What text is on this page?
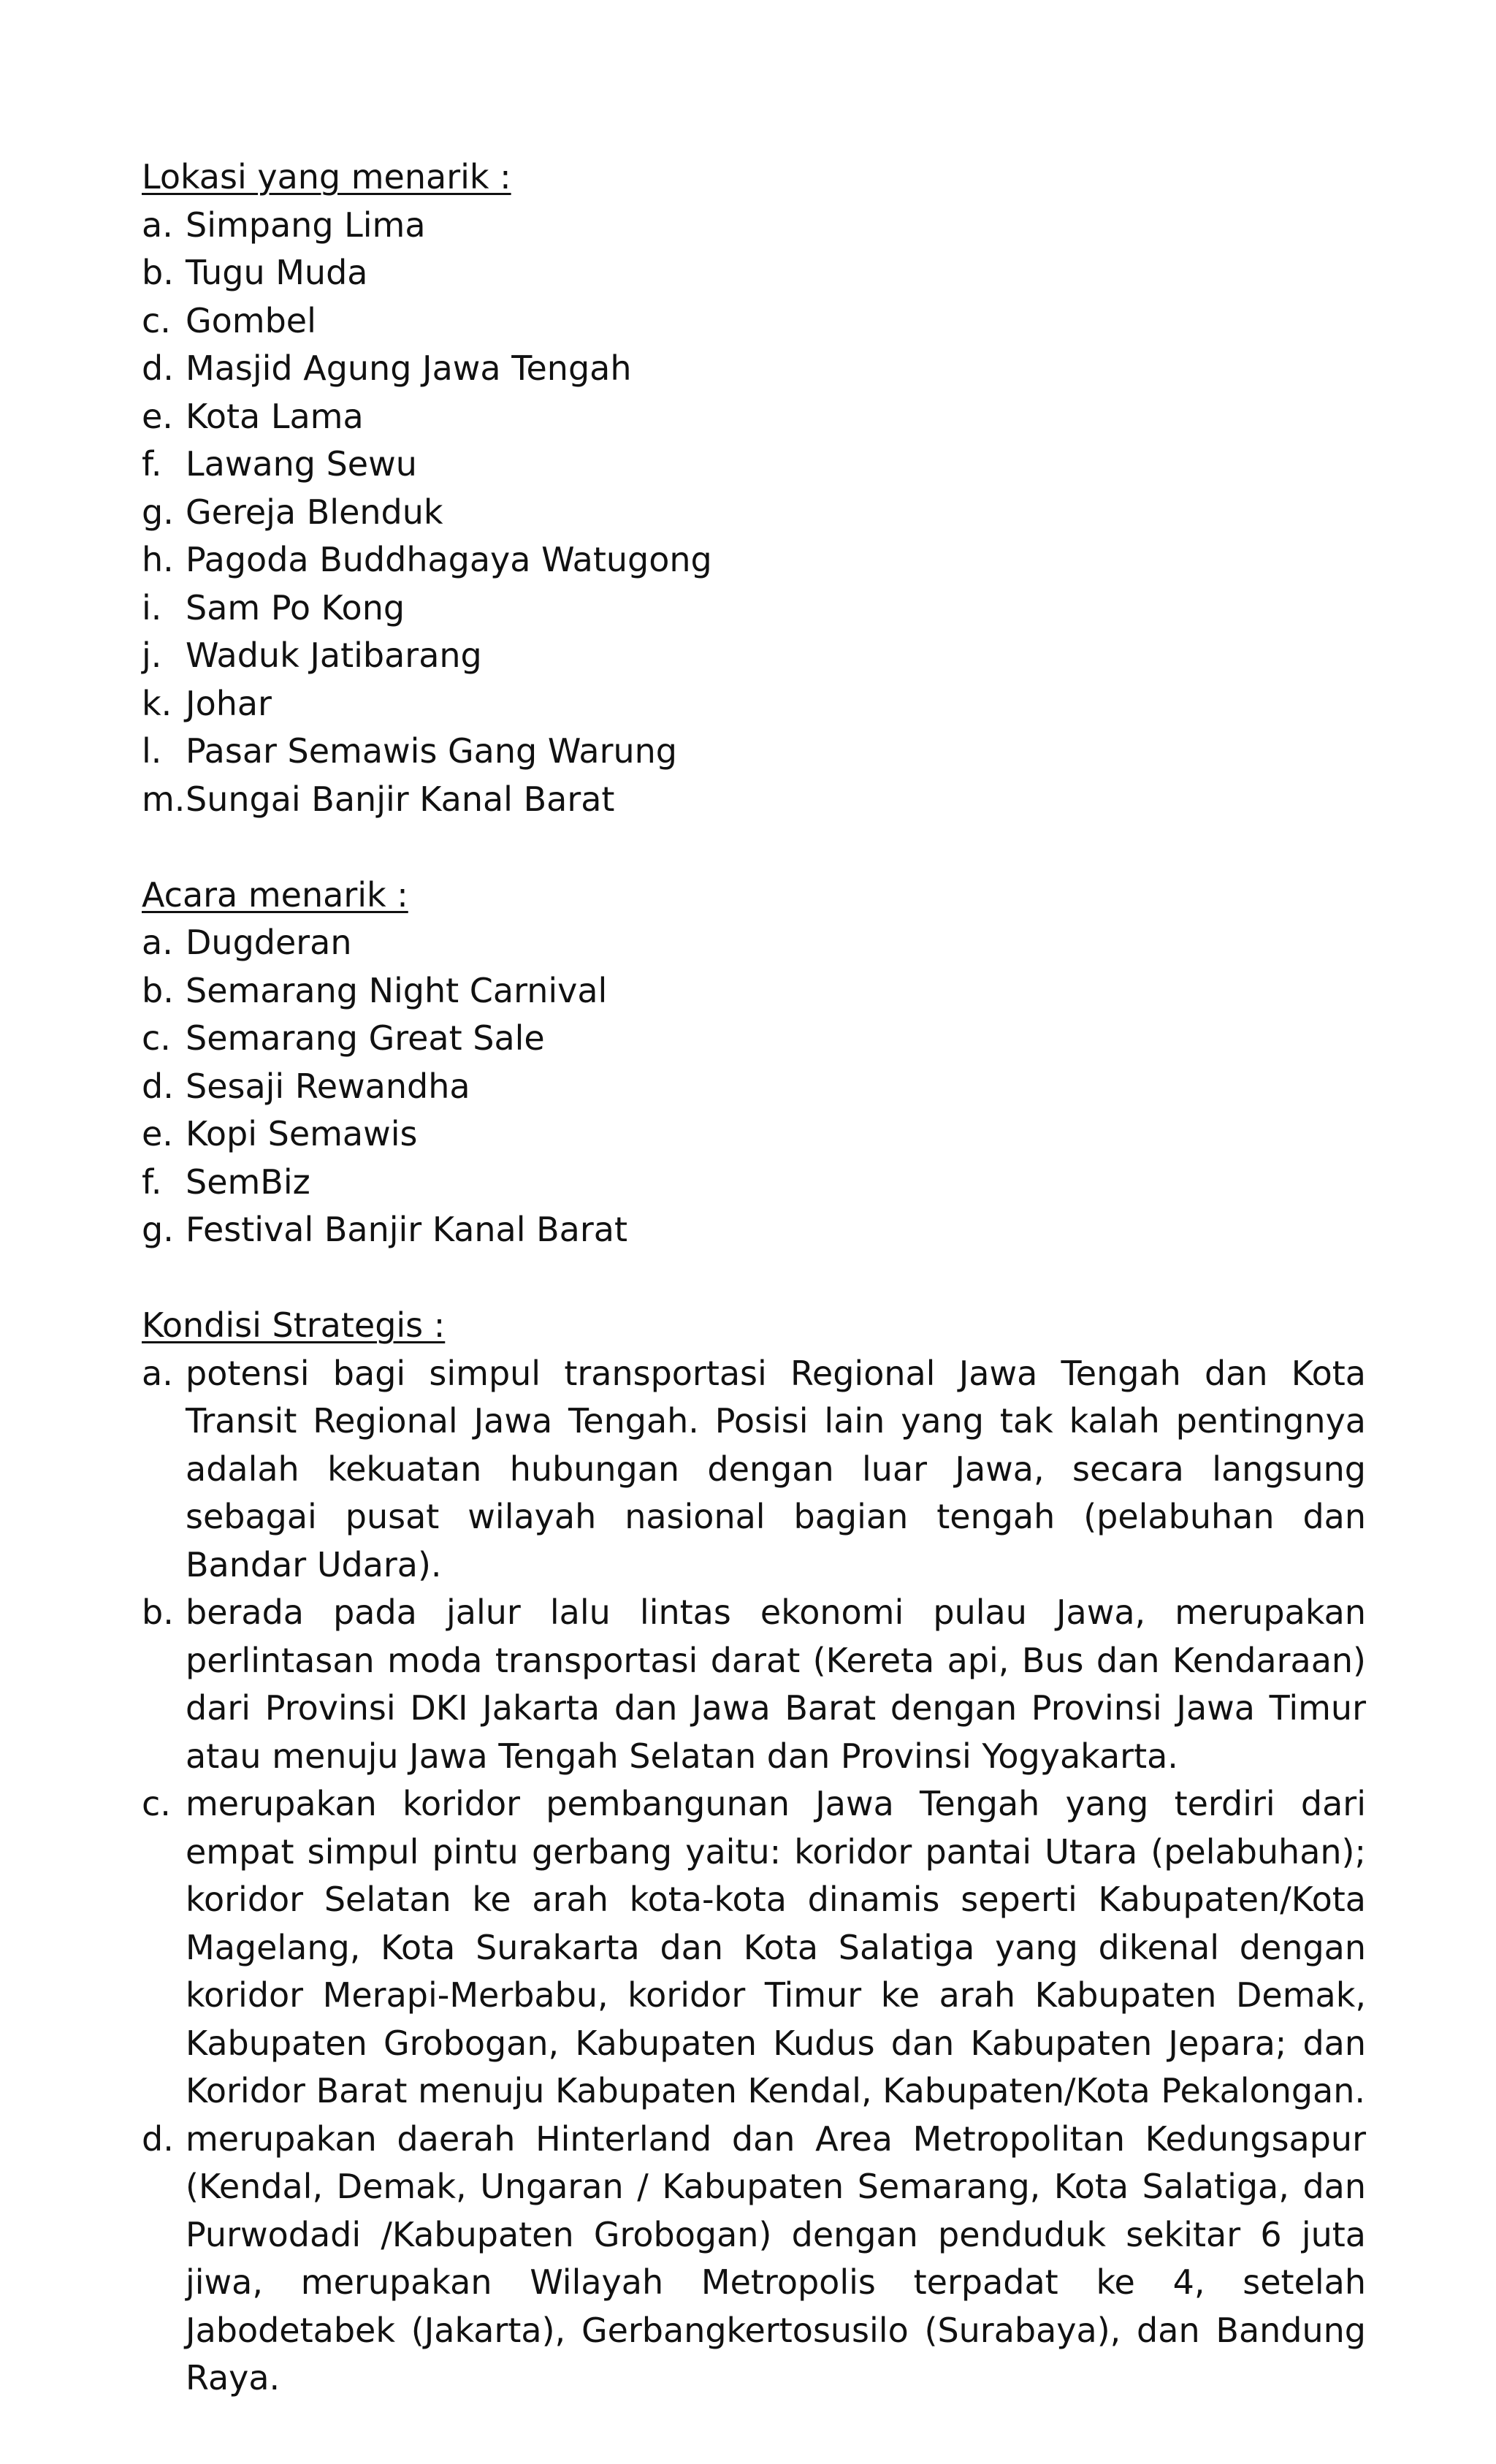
Lokasi yang menarik :
a. Simpang Lima
b. Tugu Muda
c. Gombel
d. Masjid Agung Jawa Tengah
e. Kota Lama
f. Lawang Sewu
g. Gereja Blenduk
h. Pagoda Buddhagaya Watugong
i. Sam Po Kong
j. Waduk Jatibarang
k. Johar
l. Pasar Semawis Gang Warung
m. Sungai Banjir Kanal Barat
Acara menarik :
a. Dugderan
b. Semarang Night Carnival
c. Semarang Great Sale
d. Sesaji Rewandha
e. Kopi Semawis
f. SemBiz
g. Festival Banjir Kanal Barat
Kondisi Strategis :
a. potensi bagi simpul transportasi Regional Jawa Tengah dan Kota Transit Regional Jawa Tengah. Posisi lain yang tak kalah pentingnya adalah kekuatan hubungan dengan luar Jawa, secara langsung sebagai pusat wilayah nasional bagian tengah (pelabuhan dan Bandar Udara).
b. berada pada jalur lalu lintas ekonomi pulau Jawa, merupakan perlintasan moda transportasi darat (Kereta api, Bus dan Kendaraan) dari Provinsi DKI Jakarta dan Jawa Barat dengan Provinsi Jawa Timur atau menuju Jawa Tengah Selatan dan Provinsi Yogyakarta.
c. merupakan koridor pembangunan Jawa Tengah yang terdiri dari empat simpul pintu gerbang yaitu: koridor pantai Utara (pelabuhan); koridor Selatan ke arah kota-kota dinamis seperti Kabupaten/Kota Magelang, Kota Surakarta dan Kota Salatiga yang dikenal dengan koridor Merapi-Merbabu, koridor Timur ke arah Kabupaten Demak, Kabupaten Grobogan, Kabupaten Kudus dan Kabupaten Jepara; dan Koridor Barat menuju Kabupaten Kendal, Kabupaten/Kota Pekalongan.
d. merupakan daerah Hinterland dan Area Metropolitan Kedungsapur (Kendal, Demak, Ungaran / Kabupaten Semarang, Kota Salatiga, dan Purwodadi /Kabupaten Grobogan) dengan penduduk sekitar 6 juta jiwa, merupakan Wilayah Metropolis terpadat ke 4, setelah Jabodetabek (Jakarta), Gerbangkertosusilo (Surabaya), dan Bandung Raya.
